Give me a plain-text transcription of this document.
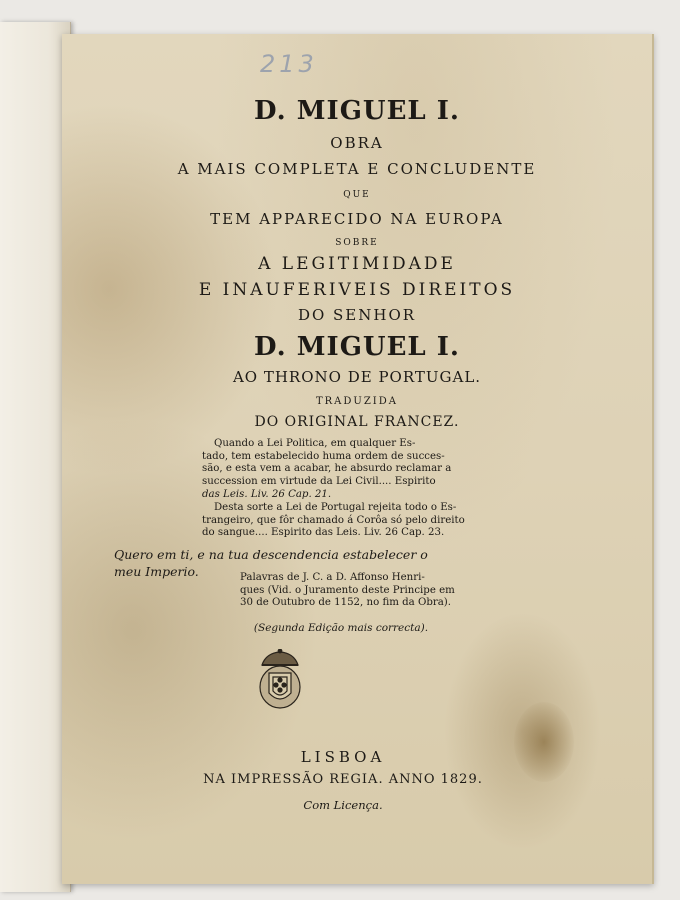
213
D. MIGUEL I.
OBRA
A MAIS COMPLETA E CONCLUDENTE
QUE
TEM APPARECIDO NA EUROPA
SOBRE
A LEGITIMIDADE
E INAUFERIVEIS DIREITOS
DO SENHOR
D. MIGUEL I.
AO THRONO DE PORTUGAL.
TRADUZIDA
DO ORIGINAL FRANCEZ.
Quando a Lei Politica, em qualquer Es-
tado, tem estabelecido huma ordem de succes-
são, e esta vem a acabar, he absurdo reclamar a
succession em virtude da Lei Civil.... Espirito
das Leis. Liv. 26 Cap. 21.
Desta sorte a Lei de Portugal rejeita todo o Es-
trangeiro, que fôr chamado á Corôa só pelo direito
do sangue.... Espirito das Leis. Liv. 26 Cap. 23.
Quero em ti, e na tua descendencia estabelecer o
meu Imperio.	Palavras de J. C. a D. Affonso Henri-
ques (Vid. o Juramento deste Principe em
30 de Outubro de 1152, no fim da Obra).
(Segunda Edição mais correcta).
LISBOA
NA IMPRESSÃO REGIA. ANNO 1829.
Com Licença.
